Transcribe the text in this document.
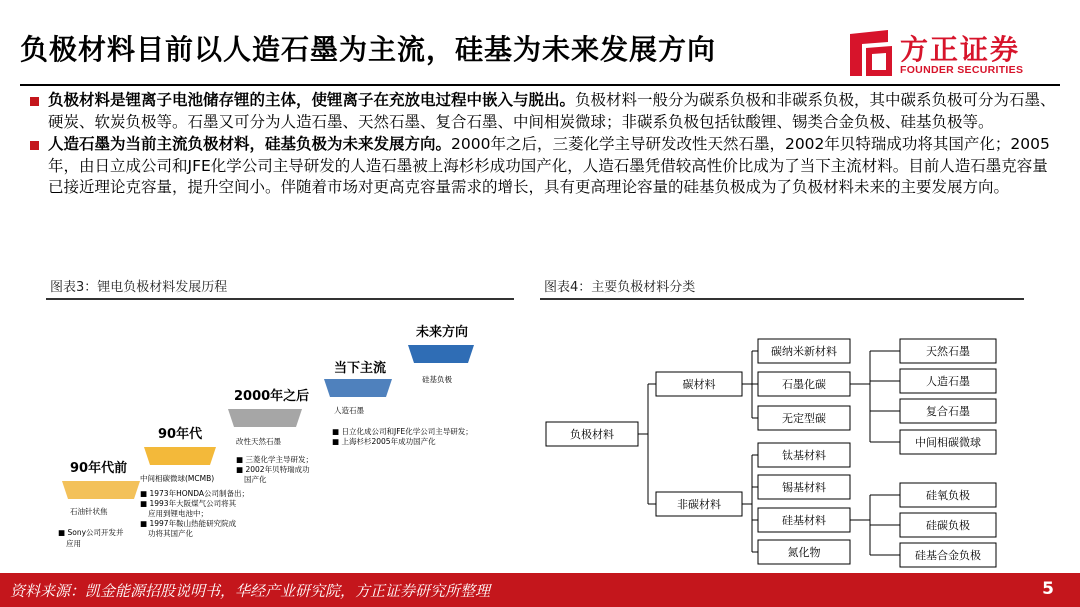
负极材料目前以人造石墨为主流，硅基为未来发展方向	方正证券
FOUNDER SECURITIES
负极材料是锂离子电池储存锂的主体，使锂离子在充放电过程中嵌入与脱出。负极材料一般分为碳系负极和非碳系负极，其中碳系负极可分为石墨、硬炭、软炭负极等。石墨又可分为人造石墨、天然石墨、复合石墨、中间相炭微球；非碳系负极包括钛酸锂、锡类合金负极、硅基负极等。
人造石墨为当前主流负极材料，硅基负极为未来发展方向。2000年之后，三菱化学主导研发改性天然石墨，2002年贝特瑞成功将其国产化；2005年，由日立成公司和JFE化学公司主导研发的人造石墨被上海杉杉成功国产化，人造石墨凭借较高性价比成为了当下主流材料。目前人造石墨克容量已接近理论克容量，提升空间小。伴随着市场对更高克容量需求的增长，具有更高理论容量的硅基负极成为了负极材料未来的主要发展方向。
图表3：锂电负极材料发展历程	图表4：主要负极材料分类
90年代前
石油针状焦
■ Sony公司开发并
应用
90年代
中间相碳微球(MCMB)
■ 1973年HONDA公司制备出；
■ 1993年大阪煤气公司将其
应用到锂电池中；
■ 1997年鞍山热能研究院成
功将其国产化
2000年之后
改性天然石墨
■ 三菱化学主导研发；
■ 2002年贝特瑞成功
国产化
当下主流
人造石墨
■ 日立化成公司和JFE化学公司主导研发；
■ 上海杉杉2005年成功国产化
未来方向
硅基负极
负极材料
碳材料
非碳材料
碳纳米新材料
石墨化碳
无定型碳
天然石墨
人造石墨
复合石墨
中间相碳微球
钛基材料
锡基材料
硅基材料
氮化物
硅氧负极
硅碳负极
硅基合金负极
资料来源：凯金能源招股说明书，华经产业研究院，方正证券研究所整理	5
